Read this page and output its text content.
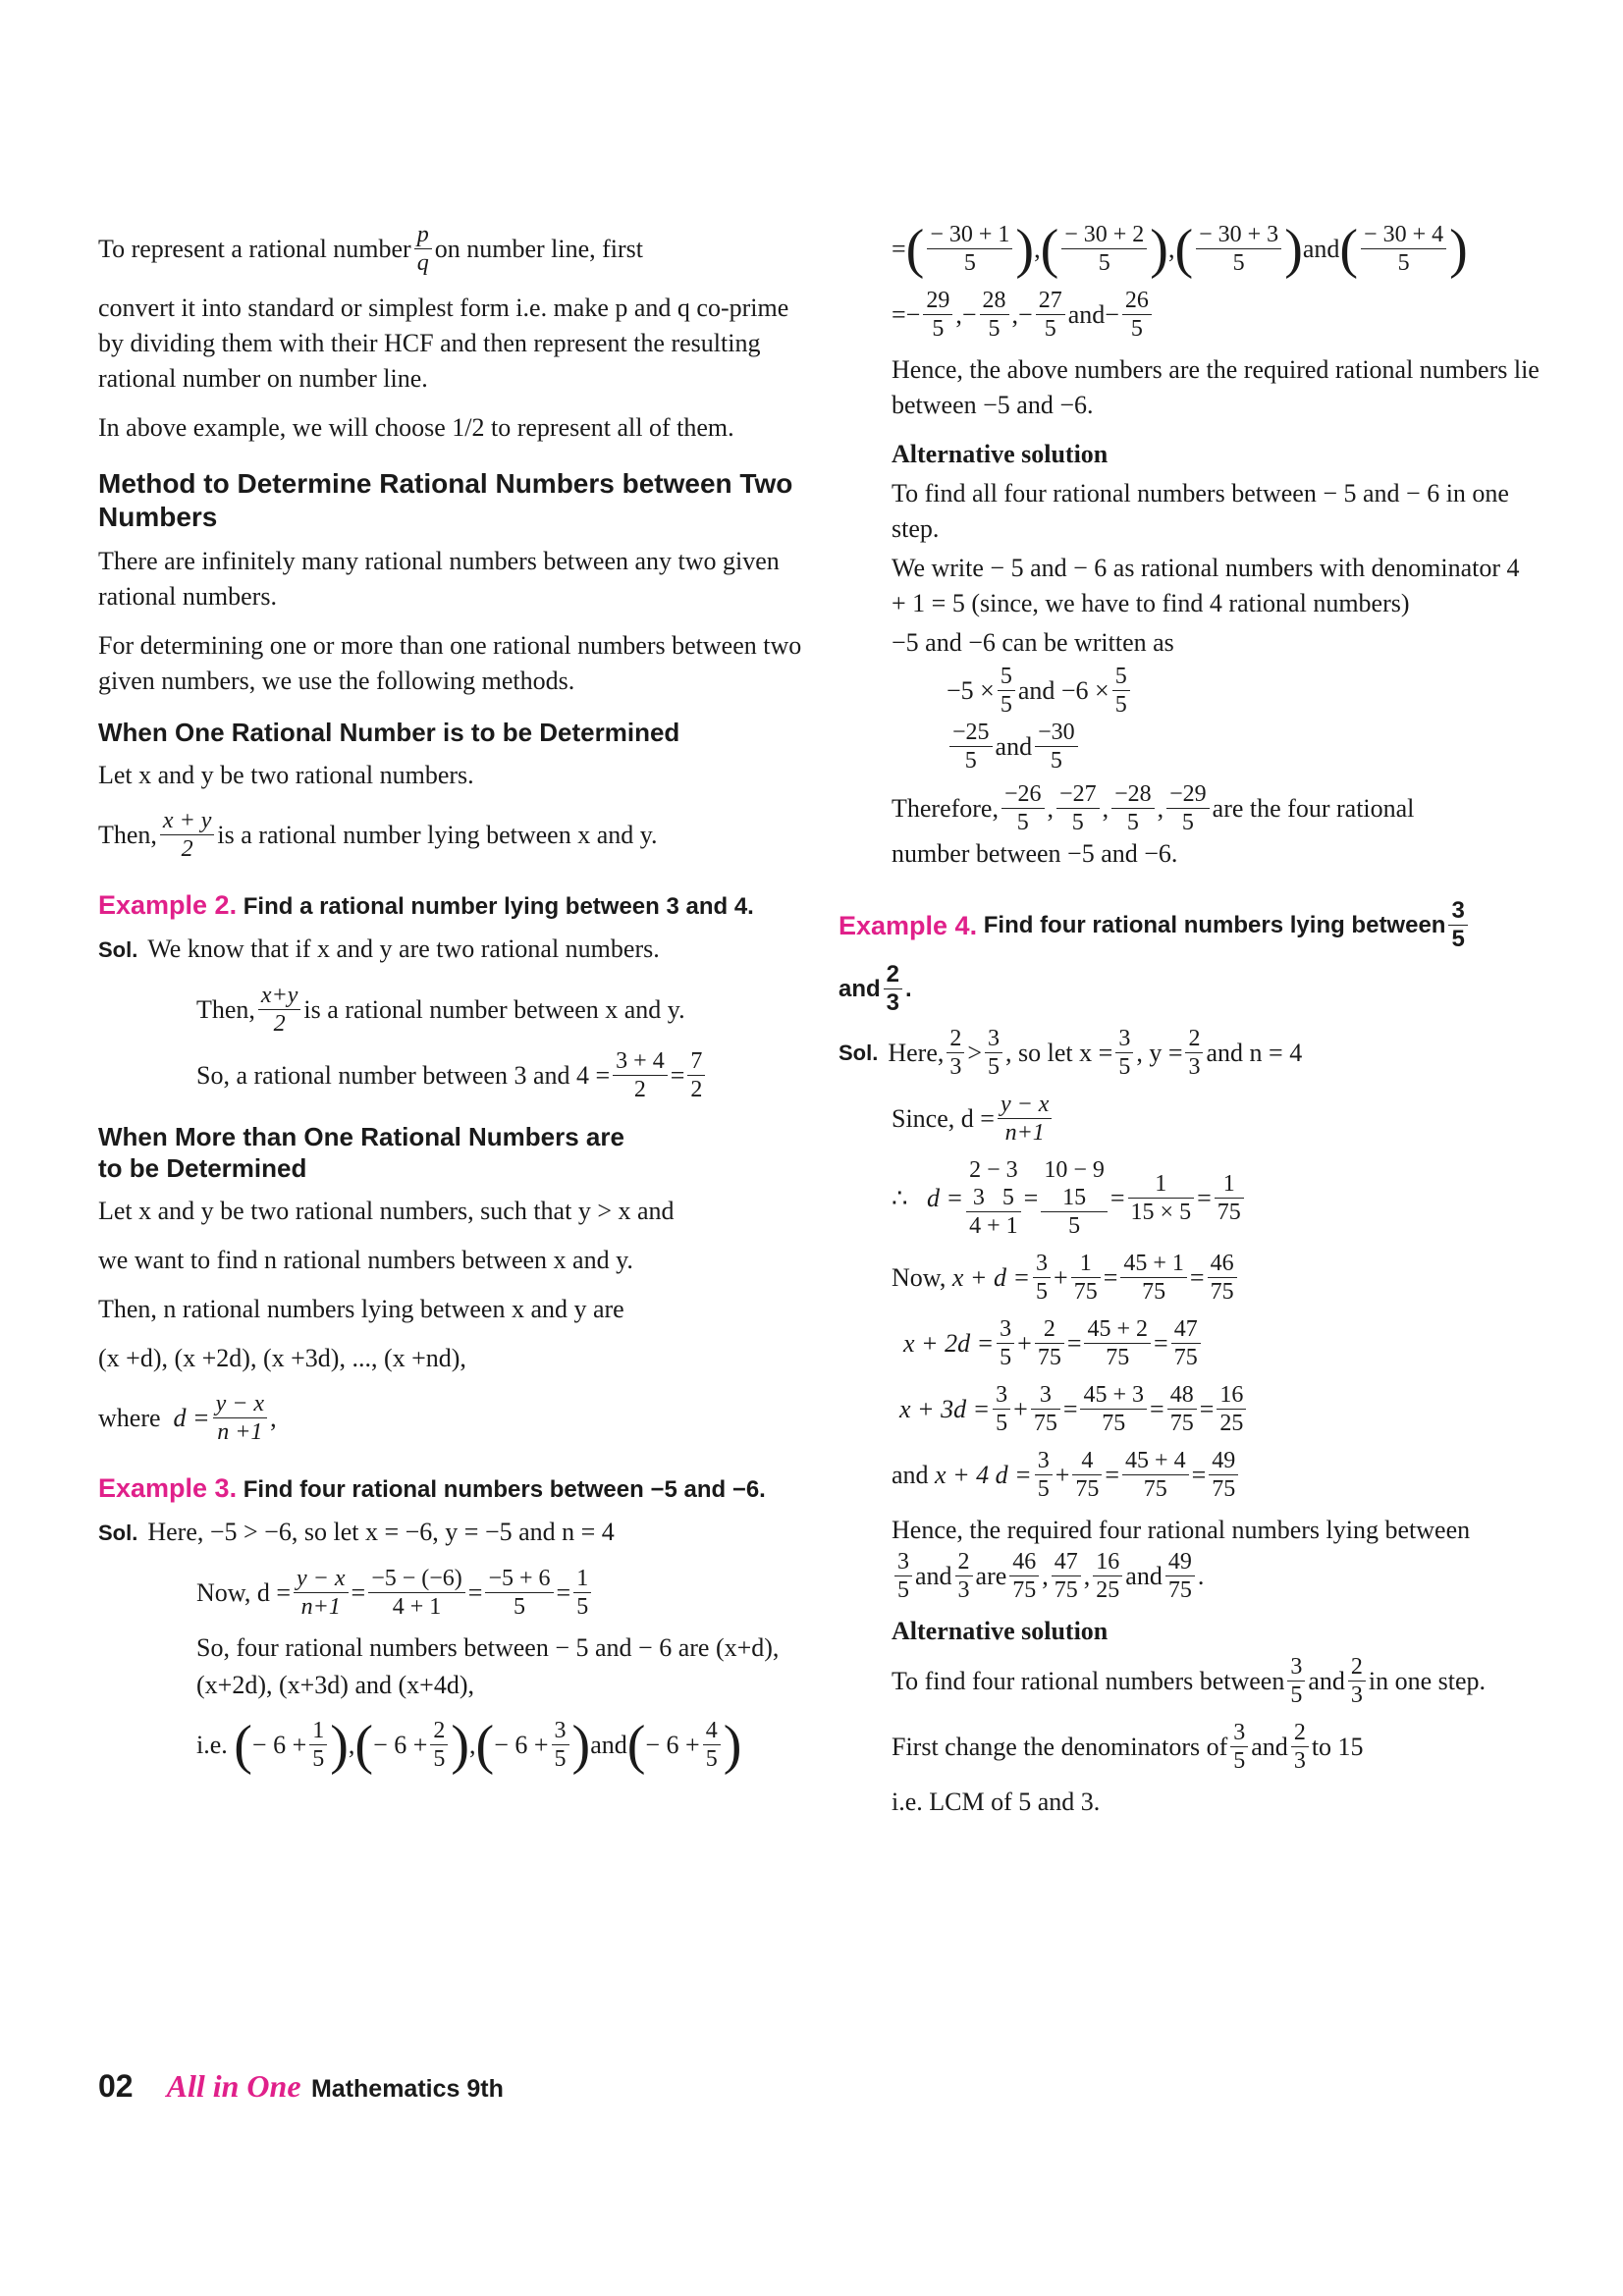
To represent a rational number $\frac{p}{q}$ on number line, first

convert it into standard or simplest form i.e. make p and q co-prime by dividing them with their HCF and then represent the resulting rational number on number line.

In above example, we will choose 1/2 to represent all of them.

Method to Determine Rational Numbers between Two Numbers

There are infinitely many rational numbers between any two given rational numbers.

For determining one or more than one rational numbers between two given numbers, we use the following methods.

When One Rational Number is to be Determined

Let x and y be two rational numbers.

Then, $\frac{x + y}{2}$ is a rational number lying between x and y.
Example 2. Find a rational number lying between 3 and 4.

Sol. We know that if x and y are two rational numbers.

Then, $\frac{x+y}{2}$ is a rational number between x and y.
So, a rational number between 3 and $4 = \frac{3 + 4}{2} = \frac{7}{2}$
When More than One Rational Numbers are to be Determined

Let x and y be two rational numbers, such that y > x and

we want to find n rational numbers between x and y.

Then, n rational numbers lying between x and y are

(x +d), (x +2d), (x +3d), ..., (x +nd),

where
$d = \frac{y - x}{n +1}$ ,
Example 3. Find four rational numbers between −5 and −6.

Sol. Here, −5 > −6, so let x = −6, y = −5 and n = 4

Now, $d = \frac{y - x}{n+1} = \frac{-5 - (-6)}{4 + 1} = \frac{-5 + 6}{5} = \frac{1}{5}$

So, four rational numbers between − 5 and − 6 are (x+d),

(x+2d), (x+3d) and (x+4d),

i.e.
( − $6 + \frac{1}{5}$ ) , ( − $6 + \frac{2}{5}$ ) , ( − $6 + \frac{3}{5}$ ) and ( − $6 + \frac{4}{5}$ )
= ( $\frac{- 30 + 1}{5}$ ) , ( $\frac{- 30 + 2}{5}$ ) , ( $\frac{- 30 + 3}{5}$ ) and ( $\frac{- 30 + 4}{5}$ )
= − $\frac{29}{5}$ , − $\frac{28}{5}$ , − $\frac{27}{5}$ and − $\frac{26}{5}$

Hence, the above numbers are the required rational numbers lie between −5 and −6.

Alternative solution

To find all four rational numbers between − 5 and − 6 in one step.

We write − 5 and − 6 as rational numbers with denominator 4 + 1 = 5 (since, we have to find 4 rational numbers)

−5 and −6 can be written as

$-5 \times \frac{5}{5}$ and $-6 \times \frac{5}{5}$
$\frac{-25}{5}$ and $\frac{-30}{5}$
Therefore, $\frac{-26}{5}$ , $\frac{-27}{5}$ , $\frac{-28}{5}$ , $\frac{-29}{5}$ are the four rational

number between −5 and −6.

Example 4.
Find four rational numbers lying between $\frac{3}{5}$
and $\frac{2}{3}$ .
Sol. Here, $\frac{2}{3} > \frac{3}{5}$ , so let $x = \frac{3}{5}$ , $y = \frac{2}{3}$ and n = 4
Since, $d = \frac{y - x}{n+1}$
∴
d =
2 − 3
3 5
4 + 1
=
10 − 9
15
5
= $\frac{1}{15 \times 5} = \frac{1}{75}$
Now,
$x + d = \frac{3}{5} + \frac{1}{75} = \frac{45 + 1}{75} = \frac{46}{75}$
$x + 2d = \frac{3}{5} + \frac{2}{75} = \frac{45 + 2}{75} = \frac{47}{75}$
$x + 3d = \frac{3}{5} + \frac{3}{75} = \frac{45 + 3}{75} = \frac{48}{75} = \frac{16}{25}$
and
x + 4 $d = \frac{3}{5} + \frac{4}{75} = \frac{45 + 4}{75} = \frac{49}{75}$

Hence, the required four rational numbers lying between

$\frac{3}{5}$ and $\frac{2}{3}$ are $\frac{46}{75}$ , $\frac{47}{75}$ , $\frac{16}{25}$ and $\frac{49}{75}$ .

Alternative solution

To find four rational numbers between $\frac{3}{5}$ and $\frac{2}{3}$ in one step.
First change the denominators of $\frac{3}{5}$ and $\frac{2}{3}$ to 15

i.e. LCM of 5 and 3.

02 All in One Mathematics 9th
